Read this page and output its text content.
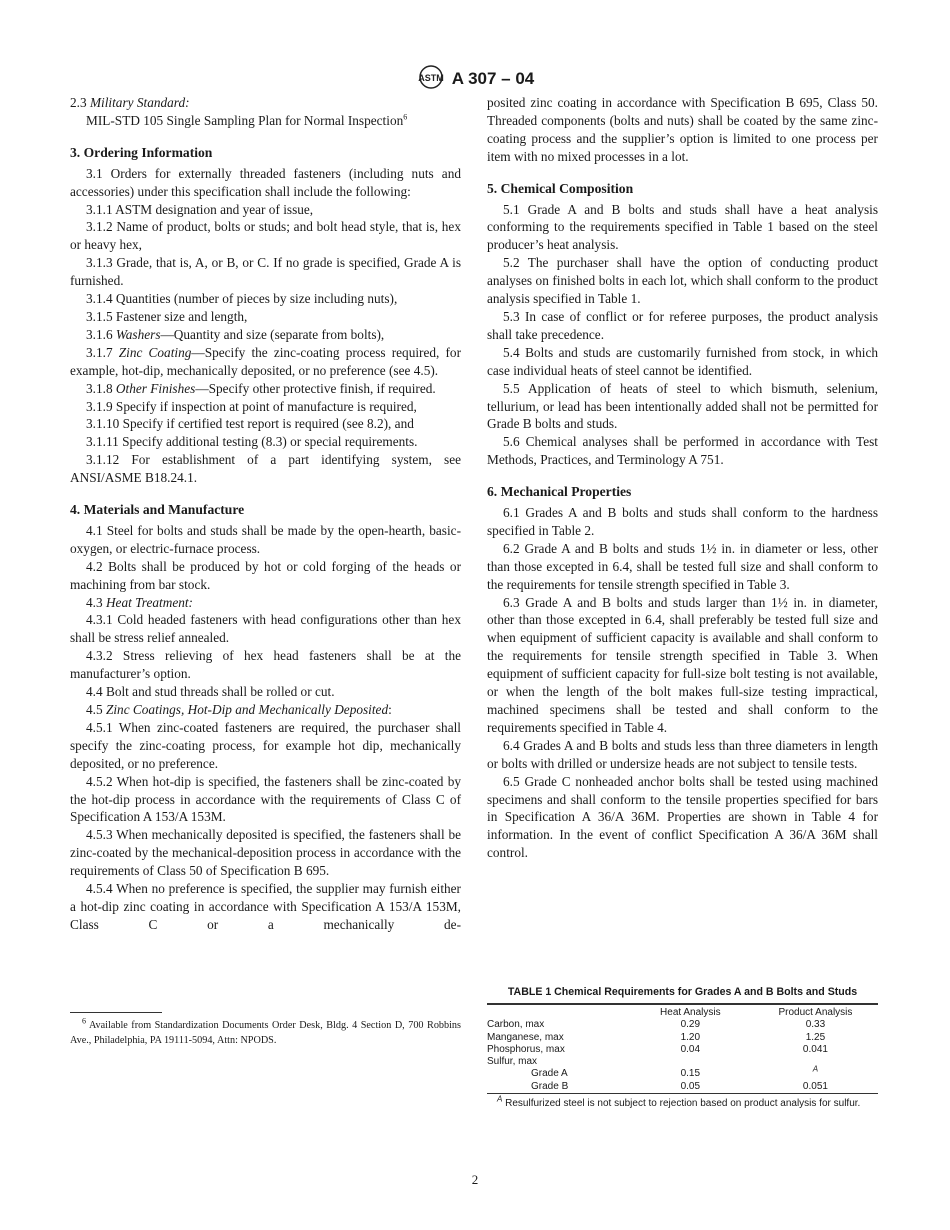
ASTM A 307 – 04

2.3 Military Standard:

MIL-STD 105 Single Sampling Plan for Normal Inspection$^6$

3. Ordering Information

3.1 Orders for externally threaded fasteners (including nuts and accessories) under this specification shall include the following:

3.1.1 ASTM designation and year of issue,

3.1.2 Name of product, bolts or studs; and bolt head style, that is, hex or heavy hex,

3.1.3 Grade, that is, A, or B, or C. If no grade is specified, Grade A is furnished.

3.1.4 Quantities (number of pieces by size including nuts),

3.1.5 Fastener size and length,

3.1.6 Washers—Quantity and size (separate from bolts),

3.1.7 Zinc Coating—Specify the zinc-coating process required, for example, hot-dip, mechanically deposited, or no preference (see 4.5).

3.1.8 Other Finishes—Specify other protective finish, if required.

3.1.9 Specify if inspection at point of manufacture is required,

3.1.10 Specify if certified test report is required (see 8.2), and

3.1.11 Specify additional testing (8.3) or special requirements.

3.1.12 For establishment of a part identifying system, see ANSI/ASME B18.24.1.

4. Materials and Manufacture

4.1 Steel for bolts and studs shall be made by the open-hearth, basic-oxygen, or electric-furnace process.

4.2 Bolts shall be produced by hot or cold forging of the heads or machining from bar stock.

4.3 Heat Treatment:

4.3.1 Cold headed fasteners with head configurations other than hex shall be stress relief annealed.

4.3.2 Stress relieving of hex head fasteners shall be at the manufacturer’s option.

4.4 Bolt and stud threads shall be rolled or cut.

4.5 Zinc Coatings, Hot-Dip and Mechanically Deposited:

4.5.1 When zinc-coated fasteners are required, the purchaser shall specify the zinc-coating process, for example hot dip, mechanically deposited, or no preference.

4.5.2 When hot-dip is specified, the fasteners shall be zinc-coated by the hot-dip process in accordance with the requirements of Class C of Specification A 153/A 153M.

4.5.3 When mechanically deposited is specified, the fasteners shall be zinc-coated by the mechanical-deposition process in accordance with the requirements of Class 50 of Specification B 695.

4.5.4 When no preference is specified, the supplier may furnish either a hot-dip zinc coating in accordance with Specification A 153/A 153M, Class C or a mechanically de-

posited zinc coating in accordance with Specification B 695, Class 50. Threaded components (bolts and nuts) shall be coated by the same zinc-coating process and the supplier’s option is limited to one process per item with no mixed processes in a lot.

5. Chemical Composition

5.1 Grade A and B bolts and studs shall have a heat analysis conforming to the requirements specified in Table 1 based on the steel producer’s heat analysis.

5.2 The purchaser shall have the option of conducting product analyses on finished bolts in each lot, which shall conform to the product analysis specified in Table 1.

5.3 In case of conflict or for referee purposes, the product analysis shall take precedence.

5.4 Bolts and studs are customarily furnished from stock, in which case individual heats of steel cannot be identified.

5.5 Application of heats of steel to which bismuth, selenium, tellurium, or lead has been intentionally added shall not be permitted for Grade B bolts and studs.

5.6 Chemical analyses shall be performed in accordance with Test Methods, Practices, and Terminology A 751.

6. Mechanical Properties

6.1 Grades A and B bolts and studs shall conform to the hardness specified in Table 2.

6.2 Grade A and B bolts and studs 1½ in. in diameter or less, other than those excepted in 6.4, shall be tested full size and shall conform to the requirements for tensile strength specified in Table 3.

6.3 Grade A and B bolts and studs larger than 1½ in. in diameter, other than those excepted in 6.4, shall preferably be tested full size and when equipment of sufficient capacity is available and shall conform to the requirements for tensile strength specified in Table 3. When equipment of sufficient capacity for full-size bolt testing is not available, or when the length of the bolt makes full-size testing impractical, machined specimens shall be tested and shall conform to the requirements specified in Table 4.

6.4 Grades A and B bolts and studs less than three diameters in length or bolts with drilled or undersize heads are not subject to tensile tests.

6.5 Grade C nonheaded anchor bolts shall be tested using machined specimens and shall conform to the tensile properties specified for bars in Specification A 36/A 36M. Properties are shown in Table 4 for information. In the event of conflict Specification A 36/A 36M shall control.

TABLE 1 Chemical Requirements for Grades A and B Bolts and Studs
	Heat Analysis	Product Analysis
Carbon, max	0.29	0.33
Manganese, max	1.20	1.25
Phosphorus, max	0.04	0.041
Sulfur, max		
Grade A	0.15	$^A$
Grade B	0.05	0.051
$^A$ Resulfurized steel is not subject to rejection based on product analysis for sulfur.
$^6$ Available from Standardization Documents Order Desk, Bldg. 4 Section D, 700 Robbins Ave., Philadelphia, PA 19111-5094, Attn: NPODS.
2
